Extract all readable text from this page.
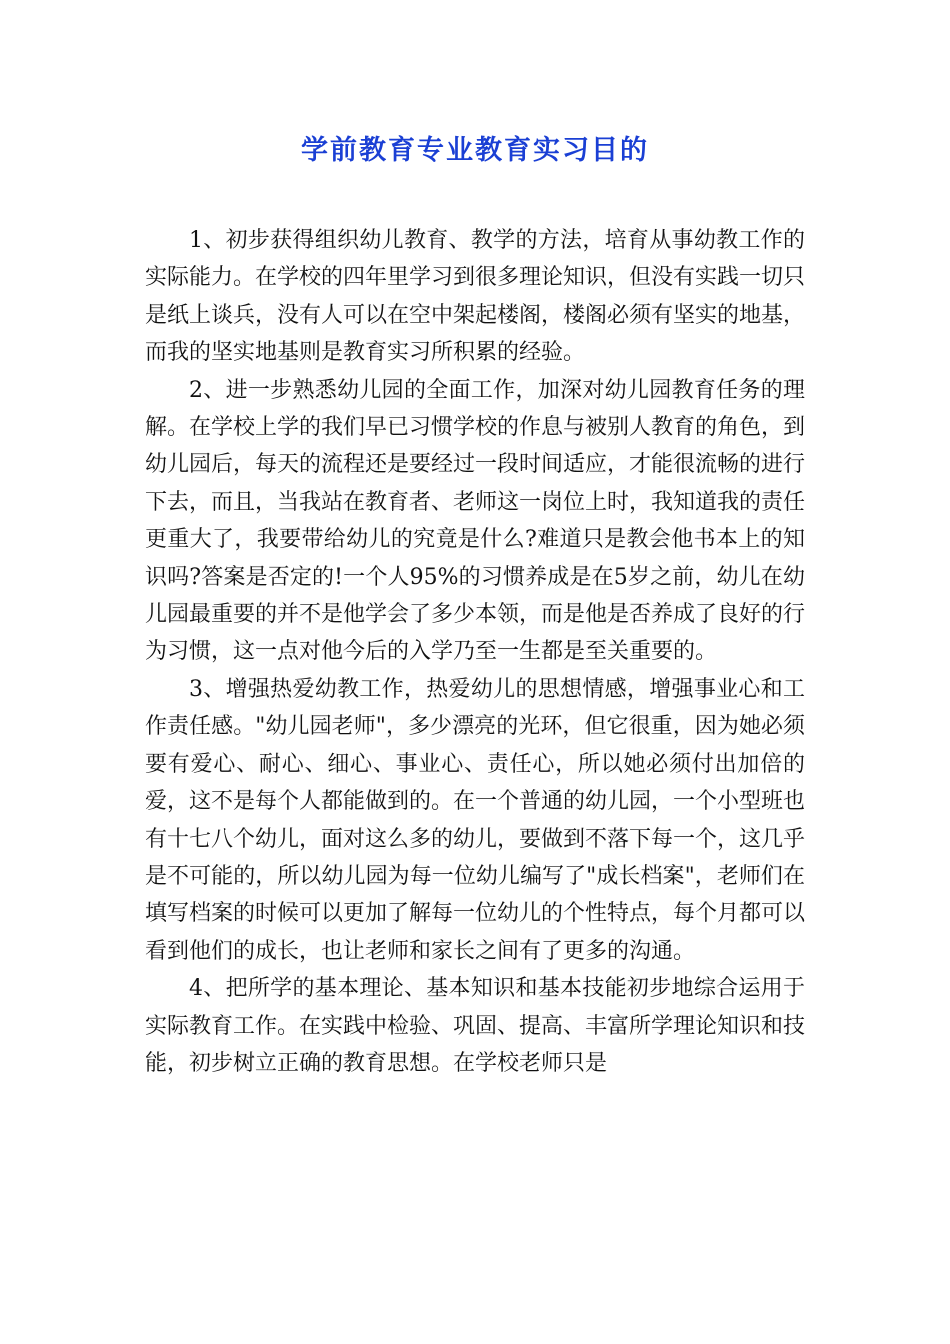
学前教育专业教育实习目的

1、初步获得组织幼儿教育、教学的方法，培育从事幼教工作的实际能力。在学校的四年里学习到很多理论知识，但没有实践一切只是纸上谈兵，没有人可以在空中架起楼阁，楼阁必须有坚实的地基，而我的坚实地基则是教育实习所积累的经验。

2、进一步熟悉幼儿园的全面工作，加深对幼儿园教育任务的理解。在学校上学的我们早已习惯学校的作息与被别人教育的角色，到幼儿园后，每天的流程还是要经过一段时间适应，才能很流畅的进行下去，而且，当我站在教育者、老师这一岗位上时，我知道我的责任更重大了，我要带给幼儿的究竟是什么?难道只是教会他书本上的知识吗?答案是否定的!一个人95%的习惯养成是在5岁之前，幼儿在幼儿园最重要的并不是他学会了多少本领，而是他是否养成了良好的行为习惯，这一点对他今后的入学乃至一生都是至关重要的。

3、增强热爱幼教工作，热爱幼儿的思想情感，增强事业心和工作责任感。"幼儿园老师"，多少漂亮的光环，但它很重，因为她必须要有爱心、耐心、细心、事业心、责任心，所以她必须付出加倍的爱，这不是每个人都能做到的。在一个普通的幼儿园，一个小型班也有十七八个幼儿，面对这么多的幼儿，要做到不落下每一个，这几乎是不可能的，所以幼儿园为每一位幼儿编写了"成长档案"，老师们在填写档案的时候可以更加了解每一位幼儿的个性特点，每个月都可以看到他们的成长，也让老师和家长之间有了更多的沟通。

4、把所学的基本理论、基本知识和基本技能初步地综合运用于实际教育工作。在实践中检验、巩固、提高、丰富所学理论知识和技能，初步树立正确的教育思想。在学校老师只是
